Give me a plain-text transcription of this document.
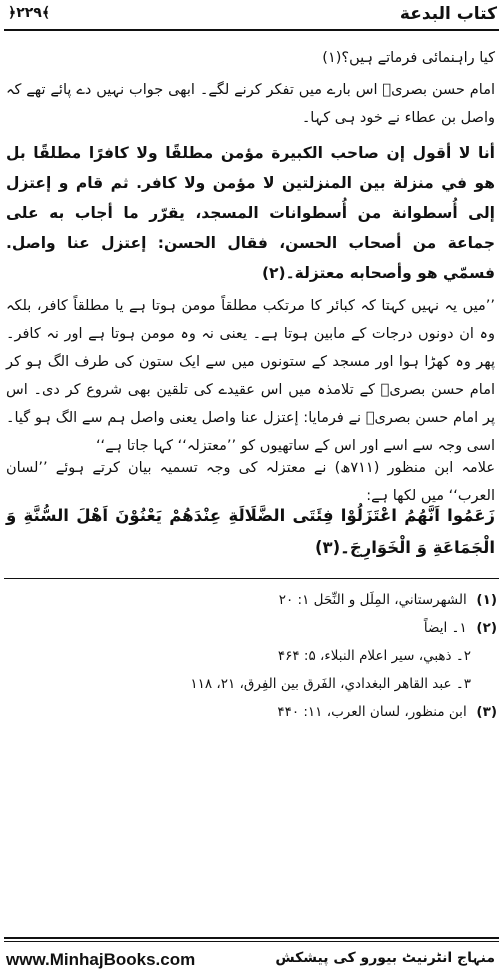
كتاب البدعة
﴿۲۲۹﴾
کیا راہنمائی فرماتے ہیں؟(۱)
امام حسن بصریؒ اس بارے میں تفکر کرنے لگے۔ ابھی جواب نہیں دے پائے تھے کہ واصل بن عطاء نے خود ہی کہا۔
أنا لا أقول إن صاحب الكبيرة مؤمن مطلقًا ولا كافرًا مطلقًا بل هو في منزلة بين المنزلتين لا مؤمن ولا كافر. ثم قام و إعتزل إلى أُسطوانة من أُسطوانات المسجد، يقرّر ما أجاب به على جماعة من أصحاب الحسن، فقال الحسن: إعتزل عنا واصل. فسمّي هو وأصحابه معتزلة۔(۲)
’’میں یہ نہیں کہتا کہ کبائر کا مرتکب مطلقاً مومن ہوتا ہے یا مطلقاً کافر، بلکہ وہ ان دونوں درجات کے مابین ہوتا ہے۔ یعنی نہ وہ مومن ہوتا ہے اور نہ کافر۔ پھر وہ کھڑا ہوا اور مسجد کے ستونوں میں سے ایک ستون کی طرف الگ ہو کر امام حسن بصریؒ کے تلامذہ میں اس عقیدے کی تلقین بھی شروع کر دی۔ اس پر امام حسن بصریؒ نے فرمایا: إعتزل عنا واصل یعنی واصل ہم سے الگ ہو گیا۔ اسی وجہ سے اسے اور اس کے ساتھیوں کو ’’معتزلہ‘‘ کہا جاتا ہے‘‘
علامہ ابن منظور (۷۱۱ھ) نے معتزلہ کی وجہ تسمیہ بیان کرتے ہوئے ’’لسان العرب‘‘ میں لکھا ہے:
زَعَمُوا اَنَّهُمُ اعْتَزَلُوْا فِئَتَى الضَّلَالَةِ عِنْدَهُمْ يَعْنُوْنَ اَهْلَ السُّنَّةِ وَ الْجَمَاعَةِ وَ الْخَوَارِجَ۔(۳)
(۱) الشهرستاني، المِلَل و النِّحَل ۱: ۲۰
(۲) ۱۔ ايضاً
۲۔ ذهبي، سير اعلام النبلاء، ۵: ۴۶۴
۳۔ عبد القاهر البغدادي، الفَرق بين الفِرق، ۲۱، ۱۱۸
(۳) ابن منظور، لسان العرب، ۱۱: ۴۴۰
www.MinhajBooks.com	منہاج انٹرنیٹ بیورو کی پیشکش
